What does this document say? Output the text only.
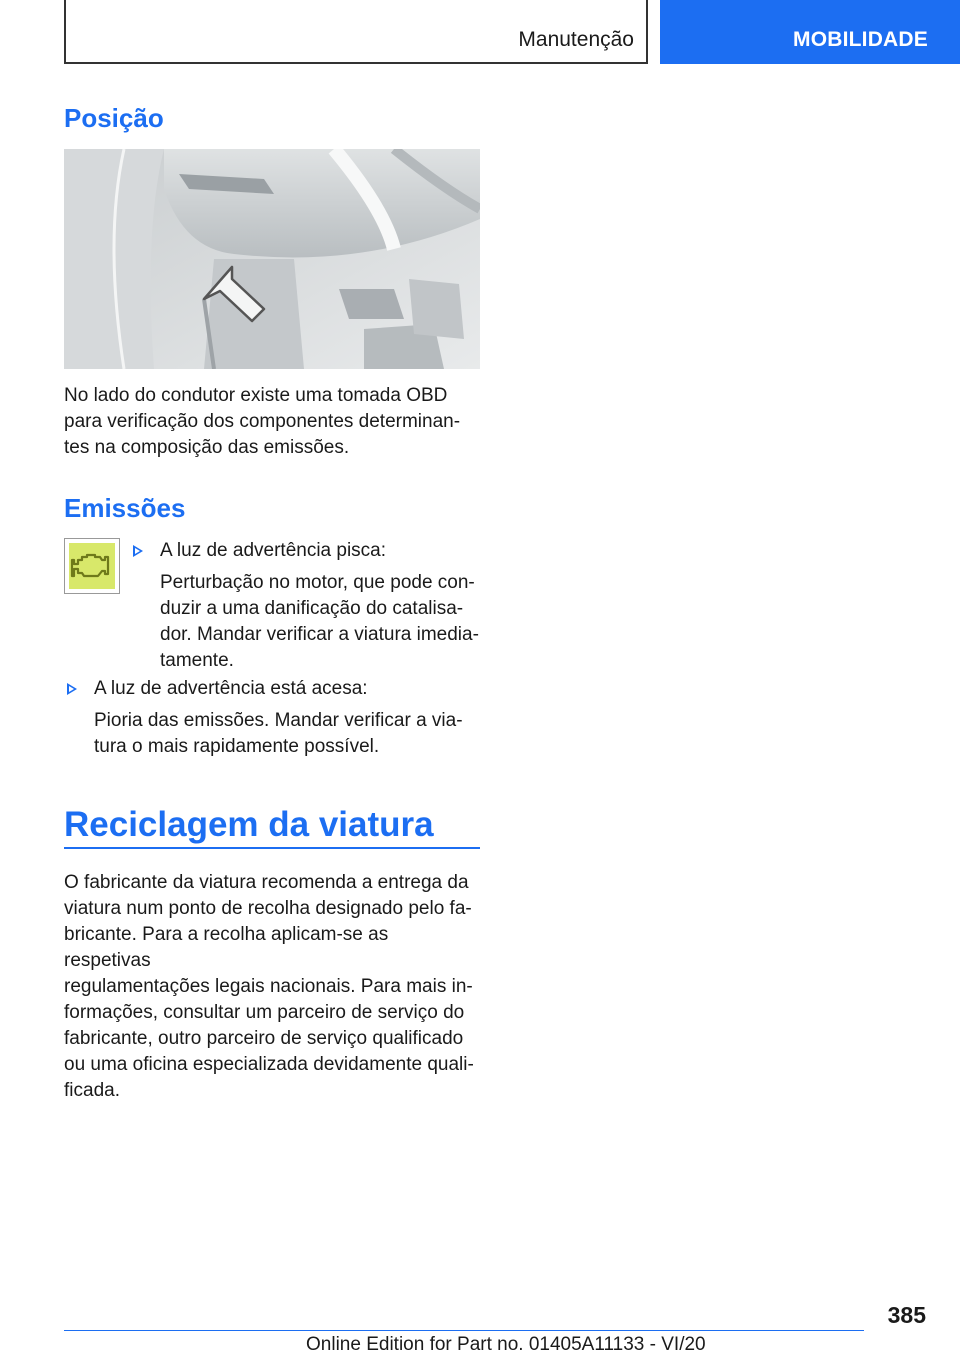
Manutenção	MOBILIDADE
Posição

No lado do condutor existe uma tomada OBD
para verificação dos componentes determinan-
tes na composição das emissões.

Emissões

A luz de advertência pisca:

Perturbação no motor, que pode con-
duzir a uma danificação do catalisa-
dor. Mandar verificar a viatura imedia-
tamente.

A luz de advertência está acesa:

Pioria das emissões. Mandar verificar a via-
tura o mais rapidamente possível.

Reciclagem da viatura

O fabricante da viatura recomenda a entrega da
viatura num ponto de recolha designado pelo fa-
bricante. Para a recolha aplicam-se as respetivas
regulamentações legais nacionais. Para mais in-
formações, consultar um parceiro de serviço do
fabricante, outro parceiro de serviço qualificado
ou uma oficina especializada devidamente quali-
ficada.

385
Online Edition for Part no. 01405A11133 - VI/20
